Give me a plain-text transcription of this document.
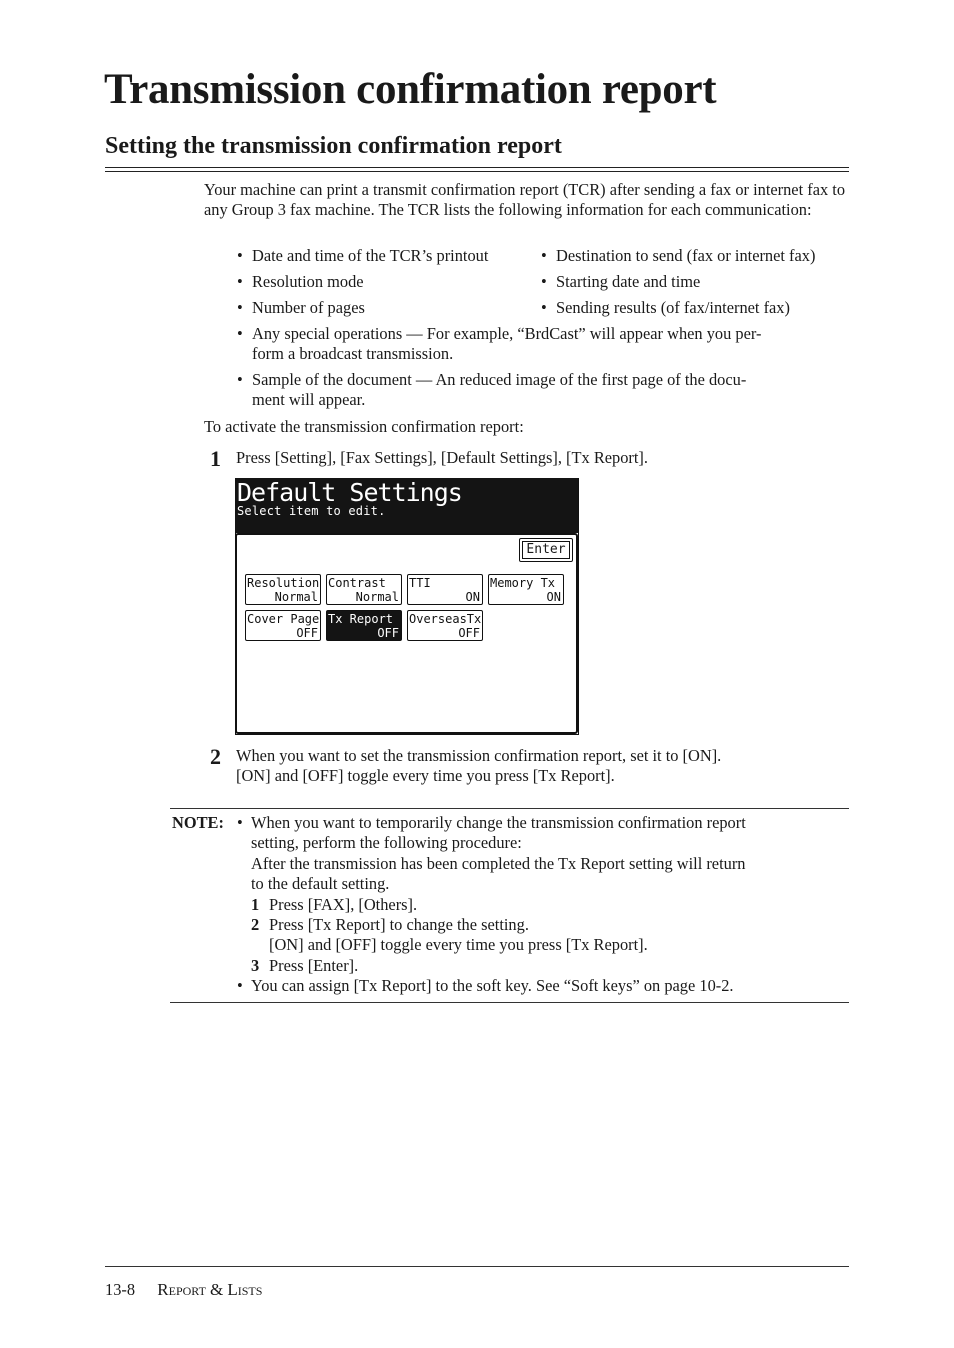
Transmission confirmation report
Setting the transmission confirmation report
Your machine can print a transmit confirmation report (TCR) after sending a fax or internet fax to any Group 3 fax machine. The TCR lists the following information for each communication:
• Date and time of the TCR’s printout	• Destination to send (fax or internet fax)
• Resolution mode	• Starting date and time
• Number of pages	• Sending results (of fax/internet fax)
• Any special operations — For example, “BrdCast” will appear when you per-
form a broadcast transmission.
• Sample of the document — An reduced image of the first page of the docu-
ment will appear.
To activate the transmission confirmation report:
1 Press [Setting], [Fax Settings], [Default Settings], [Tx Report].
Default Settings
Select item to edit.
Enter
Resolution
Normal
Contrast
Normal
TTI
ON
Memory Tx
ON
Cover Page
OFF
Tx Report
OFF
OverseasTx
OFF
2 When you want to set the transmission confirmation report, set it to [ON].
[ON] and [OFF] toggle every time you press [Tx Report].
NOTE: • When you want to temporarily change the transmission confirmation report
setting, perform the following procedure:
After the transmission has been completed the Tx Report setting will return
to the default setting.
1 Press [FAX], [Others].
2 Press [Tx Report] to change the setting.
[ON] and [OFF] toggle every time you press [Tx Report].
3 Press [Enter].
• You can assign [Tx Report] to the soft key. See “Soft keys” on page 10-2.
13-8 REPORT & LISTS
